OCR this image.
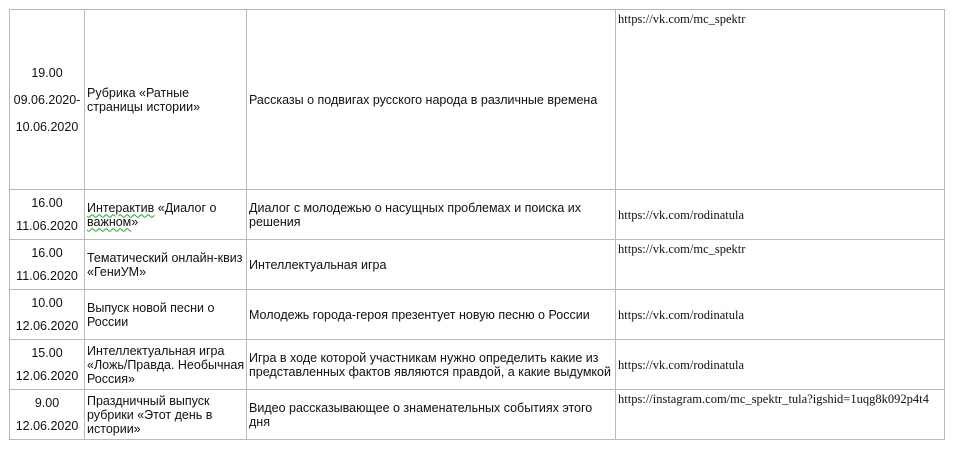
19.00
09.06.2020-
10.06.2020	Рубрика «Ратные страницы истории»	Рассказы о подвигах русского народа в различные времена	https://vk.com/mc_spektr

16.00
11.06.2020	Интерактив «Диалог о важном»	Диалог с молодежью о насущных проблемах и поиска их решения	https://vk.com/rodinatula

16.00
11.06.2020	Тематический онлайн-квиз «ГениУМ»	Интеллектуальная игра	https://vk.com/mc_spektr

10.00
12.06.2020	Выпуск новой песни о России	Молодежь города-героя презентует новую песню о России	https://vk.com/rodinatula

15.00
12.06.2020	Интеллектуальная игра «Ложь/Правда. Необычная Россия»	Игра в ходе которой участникам нужно определить какие из представленных фактов являются правдой, а какие выдумкой	https://vk.com/rodinatula

9.00
12.06.2020	Праздничный выпуск рубрики «Этот день в истории»	Видео рассказывающее о знаменательных событиях этого дня	https://instagram.com/mc_spektr_tula?igshid=1uqg8k092p4t4
